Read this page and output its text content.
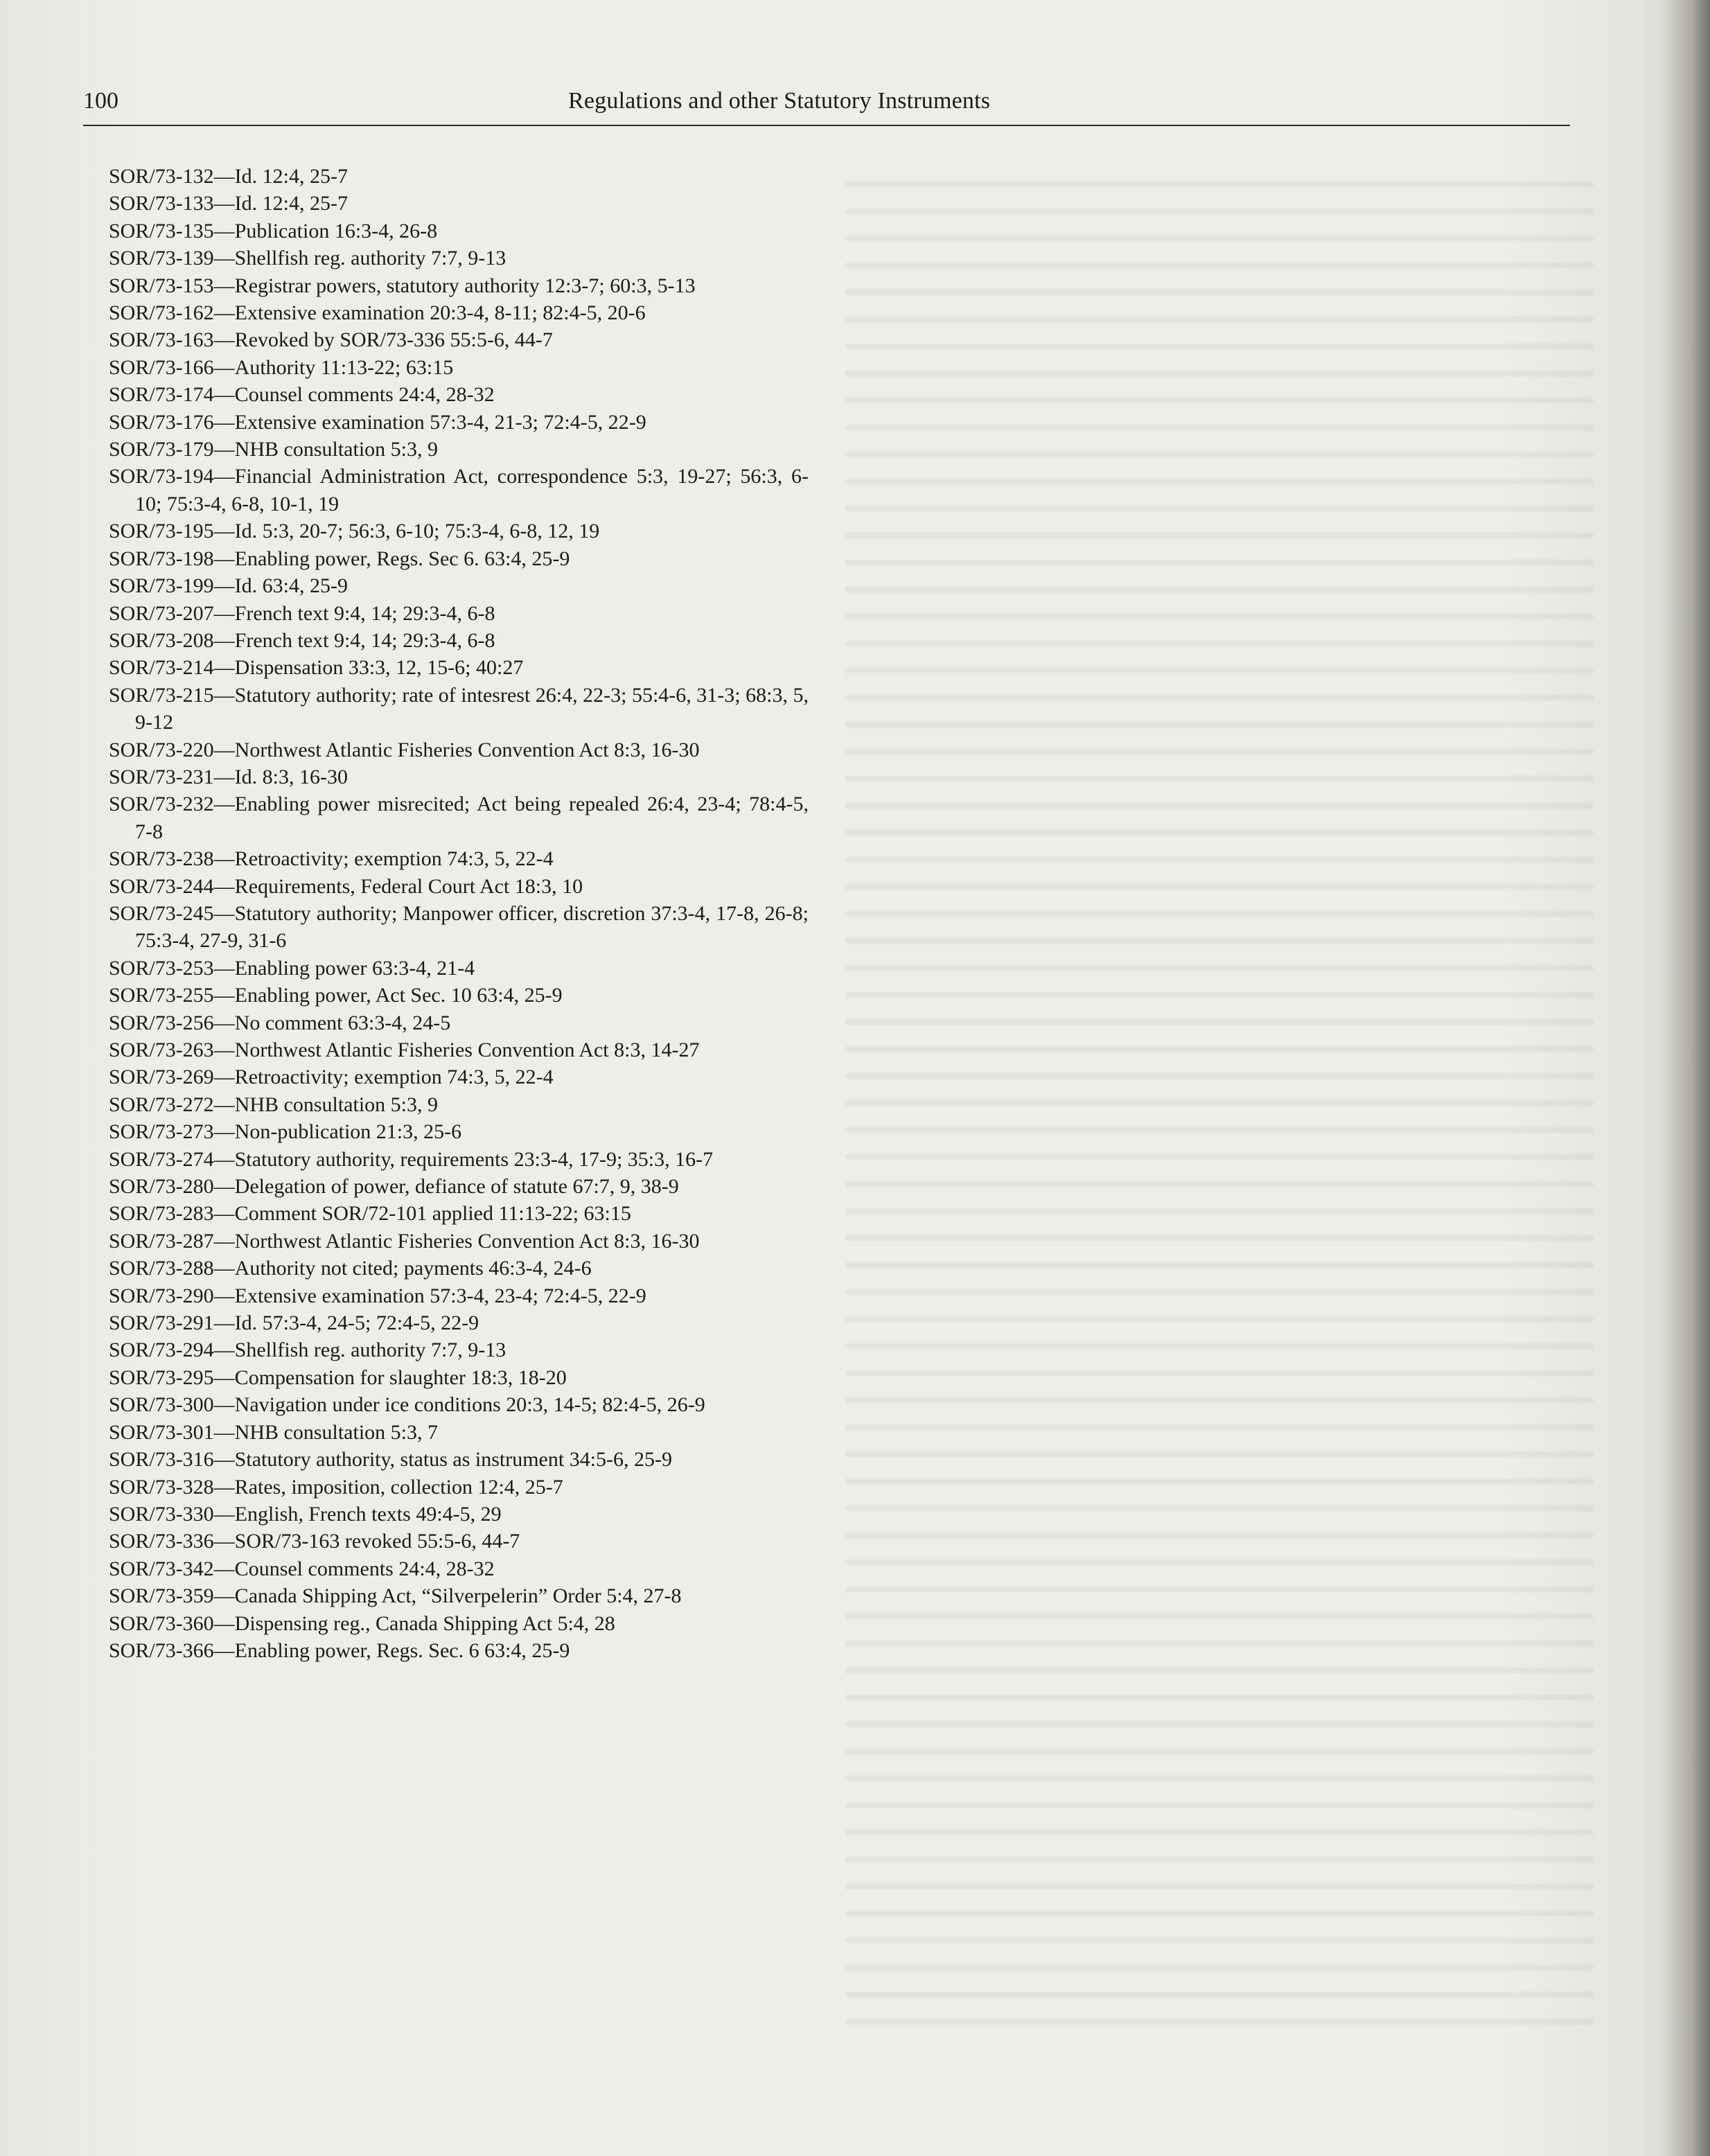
100	Regulations and other Statutory Instruments
SOR/73-132—Id. 12:4, 25-7
SOR/73-133—Id. 12:4, 25-7
SOR/73-135—Publication 16:3-4, 26-8
SOR/73-139—Shellfish reg. authority 7:7, 9-13
SOR/73-153—Registrar powers, statutory authority 12:3-7; 60:3, 5-13
SOR/73-162—Extensive examination 20:3-4, 8-11; 82:4-5, 20-6
SOR/73-163—Revoked by SOR/73-336 55:5-6, 44-7
SOR/73-166—Authority 11:13-22; 63:15
SOR/73-174—Counsel comments 24:4, 28-32
SOR/73-176—Extensive examination 57:3-4, 21-3; 72:4-5, 22-9
SOR/73-179—NHB consultation 5:3, 9
SOR/73-194—Financial Administration Act, correspondence 5:3, 19-27; 56:3, 6-10; 75:3-4, 6-8, 10-1, 19
SOR/73-195—Id. 5:3, 20-7; 56:3, 6-10; 75:3-4, 6-8, 12, 19
SOR/73-198—Enabling power, Regs. Sec 6. 63:4, 25-9
SOR/73-199—Id. 63:4, 25-9
SOR/73-207—French text 9:4, 14; 29:3-4, 6-8
SOR/73-208—French text 9:4, 14; 29:3-4, 6-8
SOR/73-214—Dispensation 33:3, 12, 15-6; 40:27
SOR/73-215—Statutory authority; rate of intesrest 26:4, 22-3; 55:4-6, 31-3; 68:3, 5, 9-12
SOR/73-220—Northwest Atlantic Fisheries Convention Act 8:3, 16-30
SOR/73-231—Id. 8:3, 16-30
SOR/73-232—Enabling power misrecited; Act being repealed 26:4, 23-4; 78:4-5, 7-8
SOR/73-238—Retroactivity; exemption 74:3, 5, 22-4
SOR/73-244—Requirements, Federal Court Act 18:3, 10
SOR/73-245—Statutory authority; Manpower officer, discretion 37:3-4, 17-8, 26-8; 75:3-4, 27-9, 31-6
SOR/73-253—Enabling power 63:3-4, 21-4
SOR/73-255—Enabling power, Act Sec. 10 63:4, 25-9
SOR/73-256—No comment 63:3-4, 24-5
SOR/73-263—Northwest Atlantic Fisheries Convention Act 8:3, 14-27
SOR/73-269—Retroactivity; exemption 74:3, 5, 22-4
SOR/73-272—NHB consultation 5:3, 9
SOR/73-273—Non-publication 21:3, 25-6
SOR/73-274—Statutory authority, requirements 23:3-4, 17-9; 35:3, 16-7
SOR/73-280—Delegation of power, defiance of statute 67:7, 9, 38-9
SOR/73-283—Comment SOR/72-101 applied 11:13-22; 63:15
SOR/73-287—Northwest Atlantic Fisheries Convention Act 8:3, 16-30
SOR/73-288—Authority not cited; payments 46:3-4, 24-6
SOR/73-290—Extensive examination 57:3-4, 23-4; 72:4-5, 22-9
SOR/73-291—Id. 57:3-4, 24-5; 72:4-5, 22-9
SOR/73-294—Shellfish reg. authority 7:7, 9-13
SOR/73-295—Compensation for slaughter 18:3, 18-20
SOR/73-300—Navigation under ice conditions 20:3, 14-5; 82:4-5, 26-9
SOR/73-301—NHB consultation 5:3, 7
SOR/73-316—Statutory authority, status as instrument 34:5-6, 25-9
SOR/73-328—Rates, imposition, collection 12:4, 25-7
SOR/73-330—English, French texts 49:4-5, 29
SOR/73-336—SOR/73-163 revoked 55:5-6, 44-7
SOR/73-342—Counsel comments 24:4, 28-32
SOR/73-359—Canada Shipping Act, “Silverpelerin” Order 5:4, 27-8
SOR/73-360—Dispensing reg., Canada Shipping Act 5:4, 28
SOR/73-366—Enabling power, Regs. Sec. 6 63:4, 25-9
